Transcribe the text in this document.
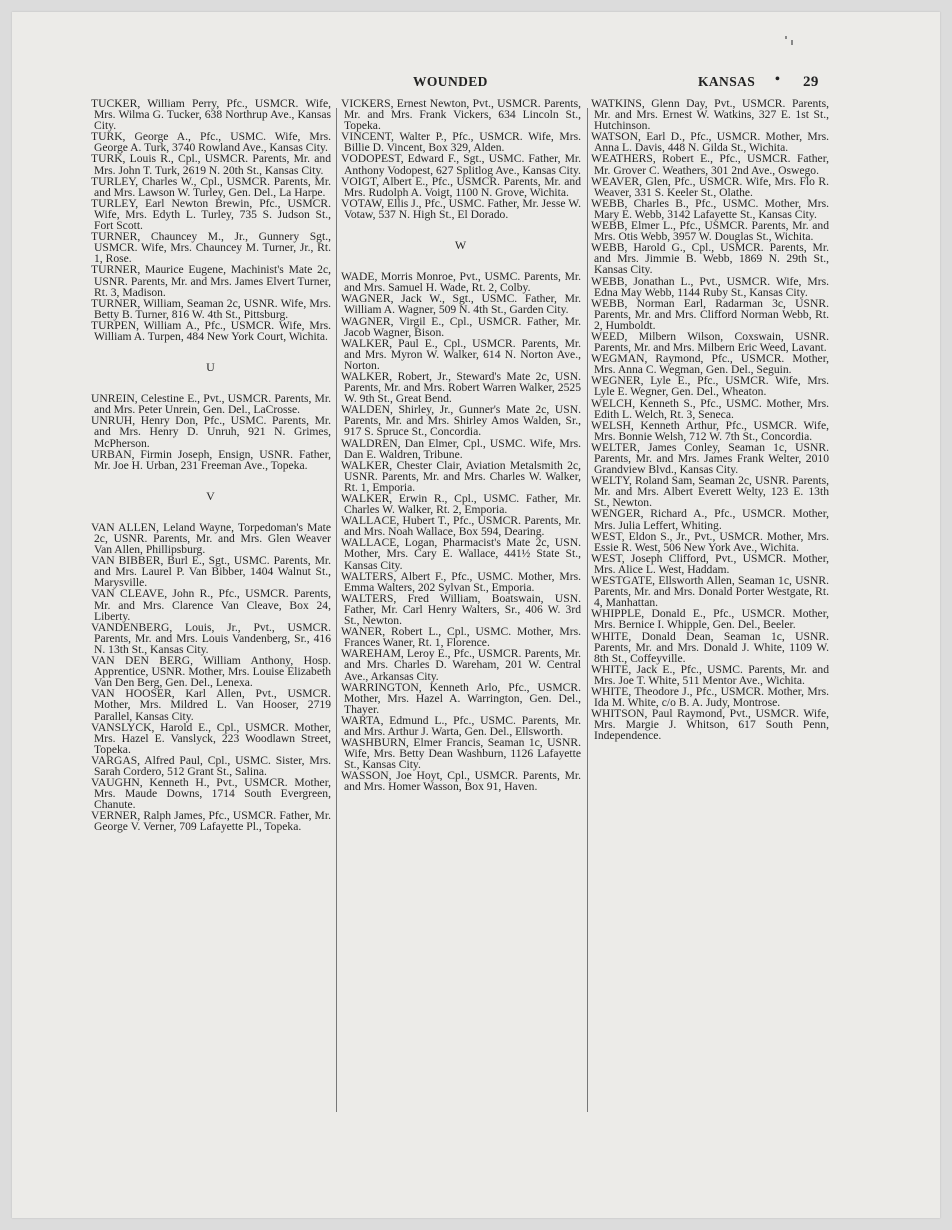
WOUNDED	KANSAS • 29

TUCKER, William Perry, Pfc., USMCR. Wife, Mrs. Wilma G. Tucker, 638 Northrup Ave., Kansas City.

TURK, George A., Pfc., USMC. Wife, Mrs. George A. Turk, 3740 Rowland Ave., Kansas City.

TURK, Louis R., Cpl., USMCR. Parents, Mr. and Mrs. John T. Turk, 2619 N. 20th St., Kansas City.

TURLEY, Charles W., Cpl., USMCR. Parents, Mr. and Mrs. Lawson W. Turley, Gen. Del., La Harpe.

TURLEY, Earl Newton Brewin, Pfc., USMCR. Wife, Mrs. Edyth L. Turley, 735 S. Judson St., Fort Scott.

TURNER, Chauncey M., Jr., Gunnery Sgt., USMCR. Wife, Mrs. Chauncey M. Turner, Jr., Rt. 1, Rose.

TURNER, Maurice Eugene, Machinist's Mate 2c, USNR. Parents, Mr. and Mrs. James Elvert Turner, Rt. 3, Madison.

TURNER, William, Seaman 2c, USNR. Wife, Mrs. Betty B. Turner, 816 W. 4th St., Pittsburg.

TURPEN, William A., Pfc., USMCR. Wife, Mrs. William A. Turpen, 484 New York Court, Wichita.

U

UNREIN, Celestine E., Pvt., USMCR. Parents, Mr. and Mrs. Peter Unrein, Gen. Del., LaCrosse.

UNRUH, Henry Don, Pfc., USMC. Parents, Mr. and Mrs. Henry D. Unruh, 921 N. Grimes, McPherson.

URBAN, Firmin Joseph, Ensign, USNR. Father, Mr. Joe H. Urban, 231 Freeman Ave., Topeka.

V

VAN ALLEN, Leland Wayne, Torpedoman's Mate 2c, USNR. Parents, Mr. and Mrs. Glen Weaver Van Allen, Phillipsburg.

VAN BIBBER, Burl E., Sgt., USMC. Parents, Mr. and Mrs. Laurel P. Van Bibber, 1404 Walnut St., Marysville.

VAN CLEAVE, John R., Pfc., USMCR. Parents, Mr. and Mrs. Clarence Van Cleave, Box 24, Liberty.

VANDENBERG, Louis, Jr., Pvt., USMCR. Parents, Mr. and Mrs. Louis Vandenberg, Sr., 416 N. 13th St., Kansas City.

VAN DEN BERG, William Anthony, Hosp. Apprentice, USNR. Mother, Mrs. Louise Elizabeth Van Den Berg, Gen. Del., Lenexa.

VAN HOOSER, Karl Allen, Pvt., USMCR. Mother, Mrs. Mildred L. Van Hooser, 2719 Parallel, Kansas City.

VANSLYCK, Harold E., Cpl., USMCR. Mother, Mrs. Hazel E. Vanslyck, 223 Woodlawn Street, Topeka.

VARGAS, Alfred Paul, Cpl., USMC. Sister, Mrs. Sarah Cordero, 512 Grant St., Salina.

VAUGHN, Kenneth H., Pvt., USMCR. Mother, Mrs. Maude Downs, 1714 South Evergreen, Chanute.

VERNER, Ralph James, Pfc., USMCR. Father, Mr. George V. Verner, 709 Lafayette Pl., Topeka.

VICKERS, Ernest Newton, Pvt., USMCR. Parents, Mr. and Mrs. Frank Vickers, 634 Lincoln St., Topeka.

VINCENT, Walter P., Pfc., USMCR. Wife, Mrs. Billie D. Vincent, Box 329, Alden.

VODOPEST, Edward F., Sgt., USMC. Father, Mr. Anthony Vodopest, 627 Splitlog Ave., Kansas City.

VOIGT, Albert E., Pfc., USMCR. Parents, Mr. and Mrs. Rudolph A. Voigt, 1100 N. Grove, Wichita.

VOTAW, Ellis J., Pfc., USMC. Father, Mr. Jesse W. Votaw, 537 N. High St., El Dorado.

W

WADE, Morris Monroe, Pvt., USMC. Parents, Mr. and Mrs. Samuel H. Wade, Rt. 2, Colby.

WAGNER, Jack W., Sgt., USMC. Father, Mr. William A. Wagner, 509 N. 4th St., Garden City.

WAGNER, Virgil E., Cpl., USMCR. Father, Mr. Jacob Wagner, Bison.

WALKER, Paul E., Cpl., USMCR. Parents, Mr. and Mrs. Myron W. Walker, 614 N. Norton Ave., Norton.

WALKER, Robert, Jr., Steward's Mate 2c, USN. Parents, Mr. and Mrs. Robert Warren Walker, 2525 W. 9th St., Great Bend.

WALDEN, Shirley, Jr., Gunner's Mate 2c, USN. Parents, Mr. and Mrs. Shirley Amos Walden, Sr., 917 S. Spruce St., Concordia.

WALDREN, Dan Elmer, Cpl., USMC. Wife, Mrs. Dan E. Waldren, Tribune.

WALKER, Chester Clair, Aviation Metalsmith 2c, USNR. Parents, Mr. and Mrs. Charles W. Walker, Rt. 1, Emporia.

WALKER, Erwin R., Cpl., USMC. Father, Mr. Charles W. Walker, Rt. 2, Emporia.

WALLACE, Hubert T., Pfc., USMCR. Parents, Mr. and Mrs. Noah Wallace, Box 594, Dearing.

WALLACE, Logan, Pharmacist's Mate 2c, USN. Mother, Mrs. Cary E. Wallace, 441½ State St., Kansas City.

WALTERS, Albert F., Pfc., USMC. Mother, Mrs. Emma Walters, 202 Sylvan St., Emporia.

WALTERS, Fred William, Boatswain, USN. Father, Mr. Carl Henry Walters, Sr., 406 W. 3rd St., Newton.

WANER, Robert L., Cpl., USMC. Mother, Mrs. Frances Waner, Rt. 1, Florence.

WAREHAM, Leroy E., Pfc., USMCR. Parents, Mr. and Mrs. Charles D. Wareham, 201 W. Central Ave., Arkansas City.

WARRINGTON, Kenneth Arlo, Pfc., USMCR. Mother, Mrs. Hazel A. Warrington, Gen. Del., Thayer.

WARTA, Edmund L., Pfc., USMC. Parents, Mr. and Mrs. Arthur J. Warta, Gen. Del., Ellsworth.

WASHBURN, Elmer Francis, Seaman 1c, USNR. Wife, Mrs. Betty Dean Washburn, 1126 Lafayette St., Kansas City.

WASSON, Joe Hoyt, Cpl., USMCR. Parents, Mr. and Mrs. Homer Wasson, Box 91, Haven.

WATKINS, Glenn Day, Pvt., USMCR. Parents, Mr. and Mrs. Ernest W. Watkins, 327 E. 1st St., Hutchinson.

WATSON, Earl D., Pfc., USMCR. Mother, Mrs. Anna L. Davis, 448 N. Gilda St., Wichita.

WEATHERS, Robert E., Pfc., USMCR. Father, Mr. Grover C. Weathers, 301 2nd Ave., Oswego.

WEAVER, Glen, Pfc., USMCR. Wife, Mrs. Flo R. Weaver, 331 S. Keeler St., Olathe.

WEBB, Charles B., Pfc., USMC. Mother, Mrs. Mary E. Webb, 3142 Lafayette St., Kansas City.

WEBB, Elmer L., Pfc., USMCR. Parents, Mr. and Mrs. Otis Webb, 3957 W. Douglas St., Wichita.

WEBB, Harold G., Cpl., USMCR. Parents, Mr. and Mrs. Jimmie B. Webb, 1869 N. 29th St., Kansas City.

WEBB, Jonathan L., Pvt., USMCR. Wife, Mrs. Edna May Webb, 1144 Ruby St., Kansas City.

WEBB, Norman Earl, Radarman 3c, USNR. Parents, Mr. and Mrs. Clifford Norman Webb, Rt. 2, Humboldt.

WEED, Milbern Wilson, Coxswain, USNR. Parents, Mr. and Mrs. Milbern Eric Weed, Lavant.

WEGMAN, Raymond, Pfc., USMCR. Mother, Mrs. Anna C. Wegman, Gen. Del., Seguin.

WEGNER, Lyle E., Pfc., USMCR. Wife, Mrs. Lyle E. Wegner, Gen. Del., Wheaton.

WELCH, Kenneth S., Pfc., USMC. Mother, Mrs. Edith L. Welch, Rt. 3, Seneca.

WELSH, Kenneth Arthur, Pfc., USMCR. Wife, Mrs. Bonnie Welsh, 712 W. 7th St., Concordia.

WELTER, James Conley, Seaman 1c, USNR. Parents, Mr. and Mrs. James Frank Welter, 2010 Grandview Blvd., Kansas City.

WELTY, Roland Sam, Seaman 2c, USNR. Parents, Mr. and Mrs. Albert Everett Welty, 123 E. 13th St., Newton.

WENGER, Richard A., Pfc., USMCR. Mother, Mrs. Julia Leffert, Whiting.

WEST, Eldon S., Jr., Pvt., USMCR. Mother, Mrs. Essie R. West, 506 New York Ave., Wichita.

WEST, Joseph Clifford, Pvt., USMCR. Mother, Mrs. Alice L. West, Haddam.

WESTGATE, Ellsworth Allen, Seaman 1c, USNR. Parents, Mr. and Mrs. Donald Porter Westgate, Rt. 4, Manhattan.

WHIPPLE, Donald E., Pfc., USMCR. Mother, Mrs. Bernice I. Whipple, Gen. Del., Beeler.

WHITE, Donald Dean, Seaman 1c, USNR. Parents, Mr. and Mrs. Donald J. White, 1109 W. 8th St., Coffeyville.

WHITE, Jack E., Pfc., USMC. Parents, Mr. and Mrs. Joe T. White, 511 Mentor Ave., Wichita.

WHITE, Theodore J., Pfc., USMCR. Mother, Mrs. Ida M. White, c/o B. A. Judy, Montrose.

WHITSON, Paul Raymond, Pvt., USMCR. Wife, Mrs. Margie J. Whitson, 617 South Penn, Independence.
